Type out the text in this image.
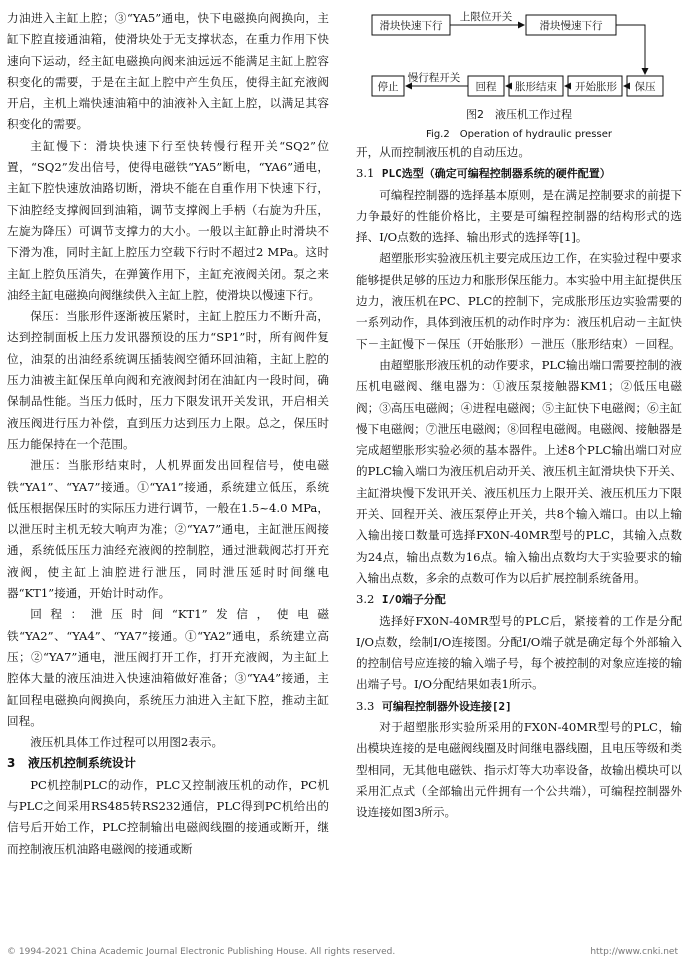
力油进入主缸上腔；③“YA5”通电，快下电磁换向阀换向，主缸下腔直接通油箱，使滑块处于无支撑状态，在重力作用下快速向下运动，经主缸电磁换向阀来油远远不能满足主缸上腔容积变化的需要，于是在主缸上腔中产生负压，使得主缸充液阀开启，主机上端快速油箱中的油液补入主缸上腔，以满足其容积变化的需要。

主缸慢下：滑块快速下行至快转慢行程开关“SQ2”位置，“SQ2”发出信号，使得电磁铁“YA5”断电，“YA6”通电，主缸下腔快速放油路切断，滑块不能在自重作用下快速下行，下油腔经支撑阀回到油箱，调节支撑阀上手柄（右旋为升压，左旋为降压）可调节支撑力的大小。一般以主缸静止时滑块不下滑为准，同时主缸上腔压力空载下行时不超过2 MPa。这时主缸上腔负压消失，在弹簧作用下，主缸充液阀关闭。泵之来油经主缸电磁换向阀继续供入主缸上腔，使滑块以慢速下行。

保压：当胀形件逐渐被压紧时，主缸上腔压力不断升高，达到控制面板上压力发讯器预设的压力“SP1”时，所有阀件复位，油泵的出油经系统调压插装阀空循环回油箱，主缸上腔的压力油被主缸保压单向阀和充液阀封闭在油缸内一段时间，确保制品性能。当压力低时，压力下限发讯开关发讯，开启相关液压阀进行压力补偿，直到压力达到压力上限。总之，保压时压力能保持在一个范围。

泄压：当胀形结束时，人机界面发出回程信号，使电磁铁“YA1”、“YA7”接通。①“YA1”接通，系统建立低压，系统低压根据保压时的实际压力进行调节，一般在1.5~4.0 MPa，以泄压时主机无较大响声为准；②“YA7”通电，主缸泄压阀接通，系统低压压力油经充液阀的控制腔，通过泄载阀芯打开充液阀，使主缸上油腔进行泄压，同时泄压延时时间继电器“KT1”接通，开始计时动作。

回程：泄压时间“KT1”发信，使电磁铁“YA2”、“YA4”、“YA7”接通。①“YA2”通电，系统建立高压；②“YA7”通电，泄压阀打开工作，打开充液阀，为主缸上腔体大量的液压油进入快速油箱做好准备；③“YA4”接通，主缸回程电磁换向阀换向，系统压力油进入主缸下腔，推动主缸回程。

液压机具体工作过程可以用图2表示。

3 液压机控制系统设计

PC机控制PLC的动作，PLC又控制液压机的动作，PC机与PLC之间采用RS485转RS232通信，PLC得到PC机给出的信号后开始工作，PLC控制输出电磁阀线圈的接通或断开，继而控制液压机油路电磁阀的接通或断

滑块快速下行	滑块慢速下行
开始胀形 保压
胀形结束
回程
停止
上限位开关
慢行程开关
图2　液压机工作过程
Fig.2　Operation of hydraulic presser

开，从而控制液压机的自动压边。

3.1 PLC选型（确定可编程控制器系统的硬件配置）

可编程控制器的选择基本原则，是在满足控制要求的前提下力争最好的性能价格比，主要是可编程控制器的结构形式的选择、I/O点数的选择、输出形式的选择等[1]。

超塑胀形实验液压机主要完成压边工作，在实验过程中要求能够提供足够的压边力和胀形保压能力。本实验中用主缸提供压边力，液压机在PC、PLC的控制下，完成胀形压边实验需要的一系列动作，具体到液压机的动作时序为：液压机启动－主缸快下－主缸慢下－保压（开始胀形）－泄压（胀形结束）－回程。

由超塑胀形液压机的动作要求，PLC输出端口需要控制的液压机电磁阀、继电器为：①液压泵接触器KM1；②低压电磁阀；③高压电磁阀；④进程电磁阀；⑤主缸快下电磁阀；⑥主缸慢下电磁阀；⑦泄压电磁阀；⑧回程电磁阀。电磁阀、接触器是完成超塑胀形实验必须的基本器件。上述8个PLC输出端口对应的PLC输入端口为液压机启动开关、液压机主缸滑块快下开关、主缸滑块慢下发讯开关、液压机压力上限开关、液压机压力下限开关、回程开关、液压泵停止开关，共8个输入端口。由以上输入输出接口数量可选择FX0N-40MR型号的PLC，其输入点数为24点，输出点数为16点。输入输出点数均大于实验要求的输入输出点数，多余的点数可作为以后扩展控制系统备用。

3.2 I/O端子分配

选择好FX0N-40MR型号的PLC后，紧接着的工作是分配I/O点数，绘制I/O连接图。分配I/O端子就是确定每个外部输入的控制信号应连接的输入端子号，每个被控制的对象应连接的输出端子号。I/O分配结果如表1所示。

3.3 可编程控制器外设连接[2]

对于超塑胀形实验所采用的FX0N-40MR型号的PLC，输出模块连接的是电磁阀线圈及时间继电器线圈，且电压等级和类型相同，无其他电磁铁、指示灯等大功率设备，故输出模块可以采用汇点式（全部输出元件拥有一个公共端），可编程控制器外设连接如图3所示。

© 1994-2021 China Academic Journal Electronic Publishing House. All rights reserved.	http://www.cnki.net
